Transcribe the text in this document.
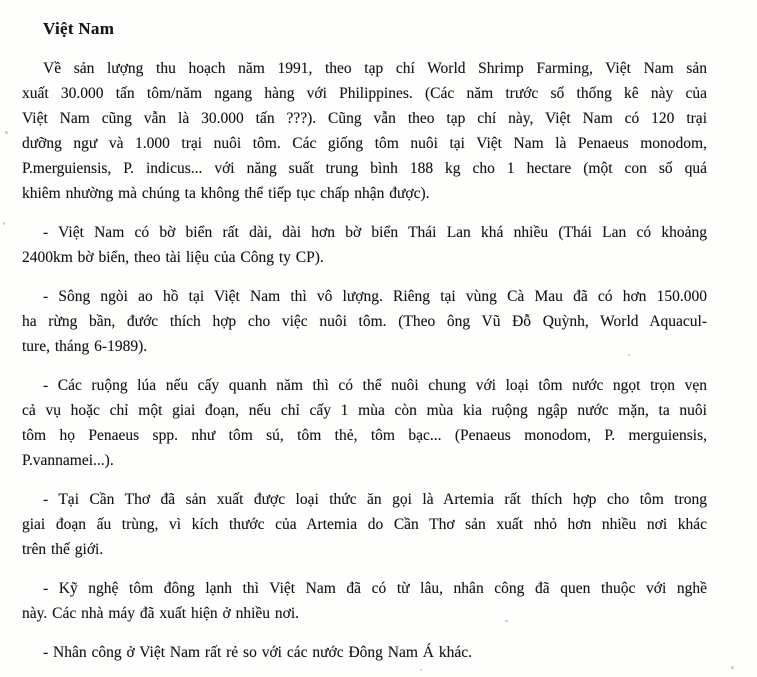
Việt Nam

Về sản lượng thu hoạch năm 1991, theo tạp chí World Shrimp Farming, Việt Nam sản
xuất 30.000 tấn tôm/năm ngang hàng với Philippines. (Các năm trước số thống kê này của
Việt Nam cũng vẫn là 30.000 tấn ???). Cũng vẫn theo tạp chí này, Việt Nam có 120 trại
dưỡng ngư và 1.000 trại nuôi tôm. Các giống tôm nuôi tại Việt Nam là Penaeus monodom,
P.merguiensis, P. indicus... với năng suất trung bình 188 kg cho 1 hectare (một con số quá
khiêm nhường mà chúng ta không thể tiếp tục chấp nhận được).

- Việt Nam có bờ biển rất dài, dài hơn bờ biển Thái Lan khá nhiều (Thái Lan có khoảng
2400km bờ biển, theo tài liệu của Công ty CP).

- Sông ngòi ao hồ tại Việt Nam thì vô lượng. Riêng tại vùng Cà Mau đã có hơn 150.000
ha rừng bần, đước thích hợp cho việc nuôi tôm. (Theo ông Vũ Đỗ Quỳnh, World Aquacul-
ture, tháng 6-1989).

- Các ruộng lúa nếu cấy quanh năm thì có thể nuôi chung với loại tôm nước ngọt trọn vẹn
cả vụ hoặc chỉ một giai đoạn, nếu chỉ cấy 1 mùa còn mùa kia ruộng ngập nước mặn, ta nuôi
tôm họ Penaeus spp. như tôm sú, tôm thẻ, tôm bạc... (Penaeus monodom, P. merguiensis,
P.vannamei...).

- Tại Cần Thơ đã sản xuất được loại thức ăn gọi là Artemia rất thích hợp cho tôm trong
giai đoạn ấu trùng, vì kích thước của Artemia do Cần Thơ sản xuất nhỏ hơn nhiều nơi khác
trên thế giới.

- Kỹ nghệ tôm đông lạnh thì Việt Nam đã có từ lâu, nhân công đã quen thuộc với nghề
này. Các nhà máy đã xuất hiện ở nhiều nơi.

- Nhân công ở Việt Nam rất rẻ so với các nước Đông Nam Á khác.
